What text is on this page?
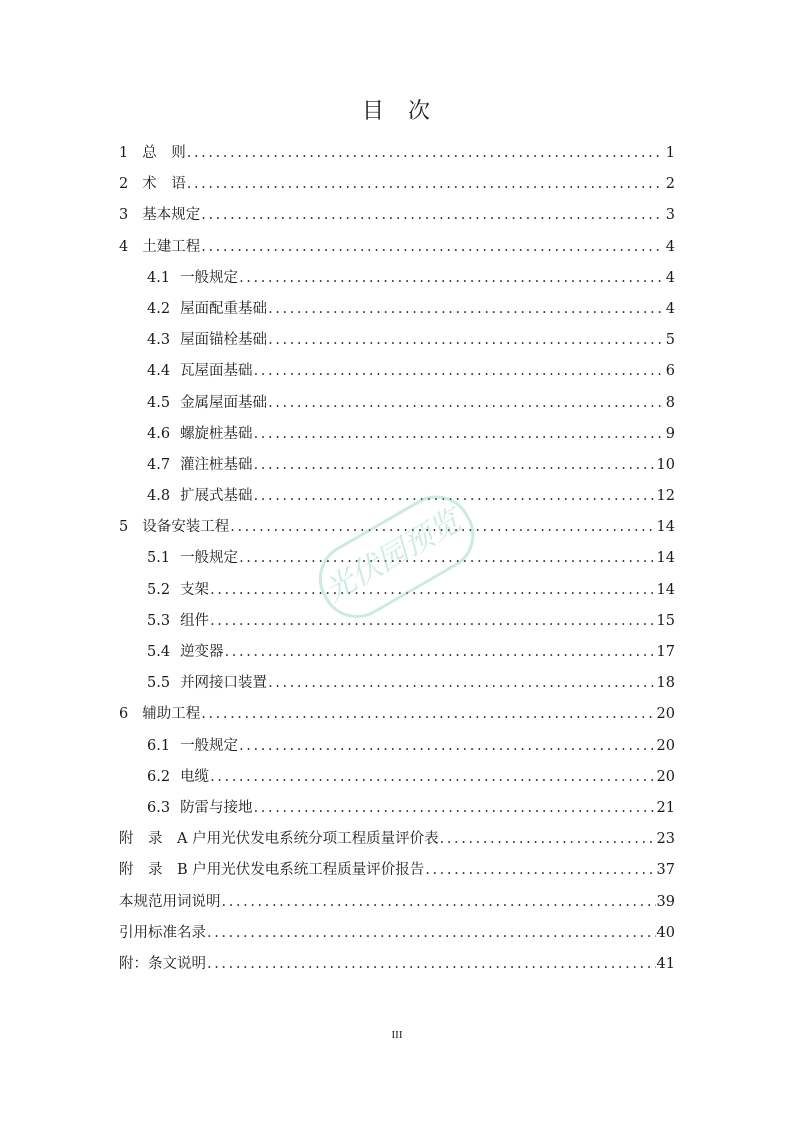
目 次
1 总　则 .....	1
2 术　语 .....	2
3 基本规定 .....	3
4 土建工程 .....	4
4.1 一般规定 .....	4
4.2 屋面配重基础 .....	4
4.3 屋面锚栓基础 .....	5
4.4 瓦屋面基础 .....	6
4.5 金属屋面基础 .....	8
4.6 螺旋桩基础 .....	9
4.7 灌注桩基础 .....	10
4.8 扩展式基础 .....	12
5 设备安装工程 .....	14
5.1 一般规定 .....	14
5.2 支架 .....	14
5.3 组件 .....	15
5.4 逆变器 .....	17
5.5 并网接口装置 .....	18
6 辅助工程 .....	20
6.1 一般规定 .....	20
6.2 电缆 .....	20
6.3 防雷与接地 .....	21
附　录　A 户用光伏发电系统分项工程质量评价表 .....	23
附　录　B 户用光伏发电系统工程质量评价报告 .....	37
本规范用词说明 .....	39
引用标准名录 .....	40
附：条文说明 .....	41
光伏园预览
III
